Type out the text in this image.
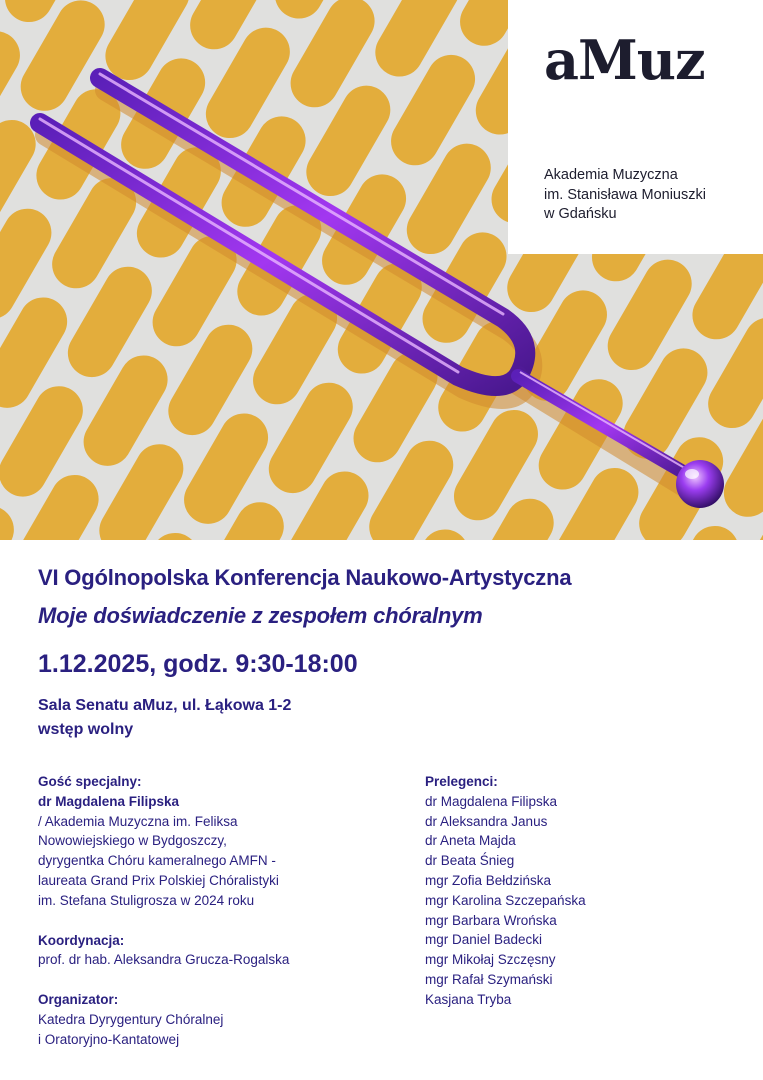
aMuz
Akademia Muzyczna
im. Stanisława Moniuszki
w Gdańsku
VI Ogólnopolska Konferencja Naukowo-Artystyczna
Moje doświadczenie z zespołem chóralnym
1.12.2025, godz. 9:30-18:00
Sala Senatu aMuz, ul. Łąkowa 1-2
wstęp wolny
Gość specjalny:
dr Magdalena Filipska
/ Akademia Muzyczna im. Feliksa
Nowowiejskiego w Bydgoszczy,
dyrygentka Chóru kameralnego AMFN -
laureata Grand Prix Polskiej Chóralistyki
im. Stefana Stuligrosza w 2024 roku
Koordynacja:
prof. dr hab. Aleksandra Grucza-Rogalska
Organizator:
Katedra Dyrygentury Chóralnej
i Oratoryjno-Kantatowej
Prelegenci:
dr Magdalena Filipska
dr Aleksandra Janus
dr Aneta Majda
dr Beata Śnieg
mgr Zofia Bełdzińska
mgr Karolina Szczepańska
mgr Barbara Wrońska
mgr Daniel Badecki
mgr Mikołaj Szczęsny
mgr Rafał Szymański
Kasjana Tryba
